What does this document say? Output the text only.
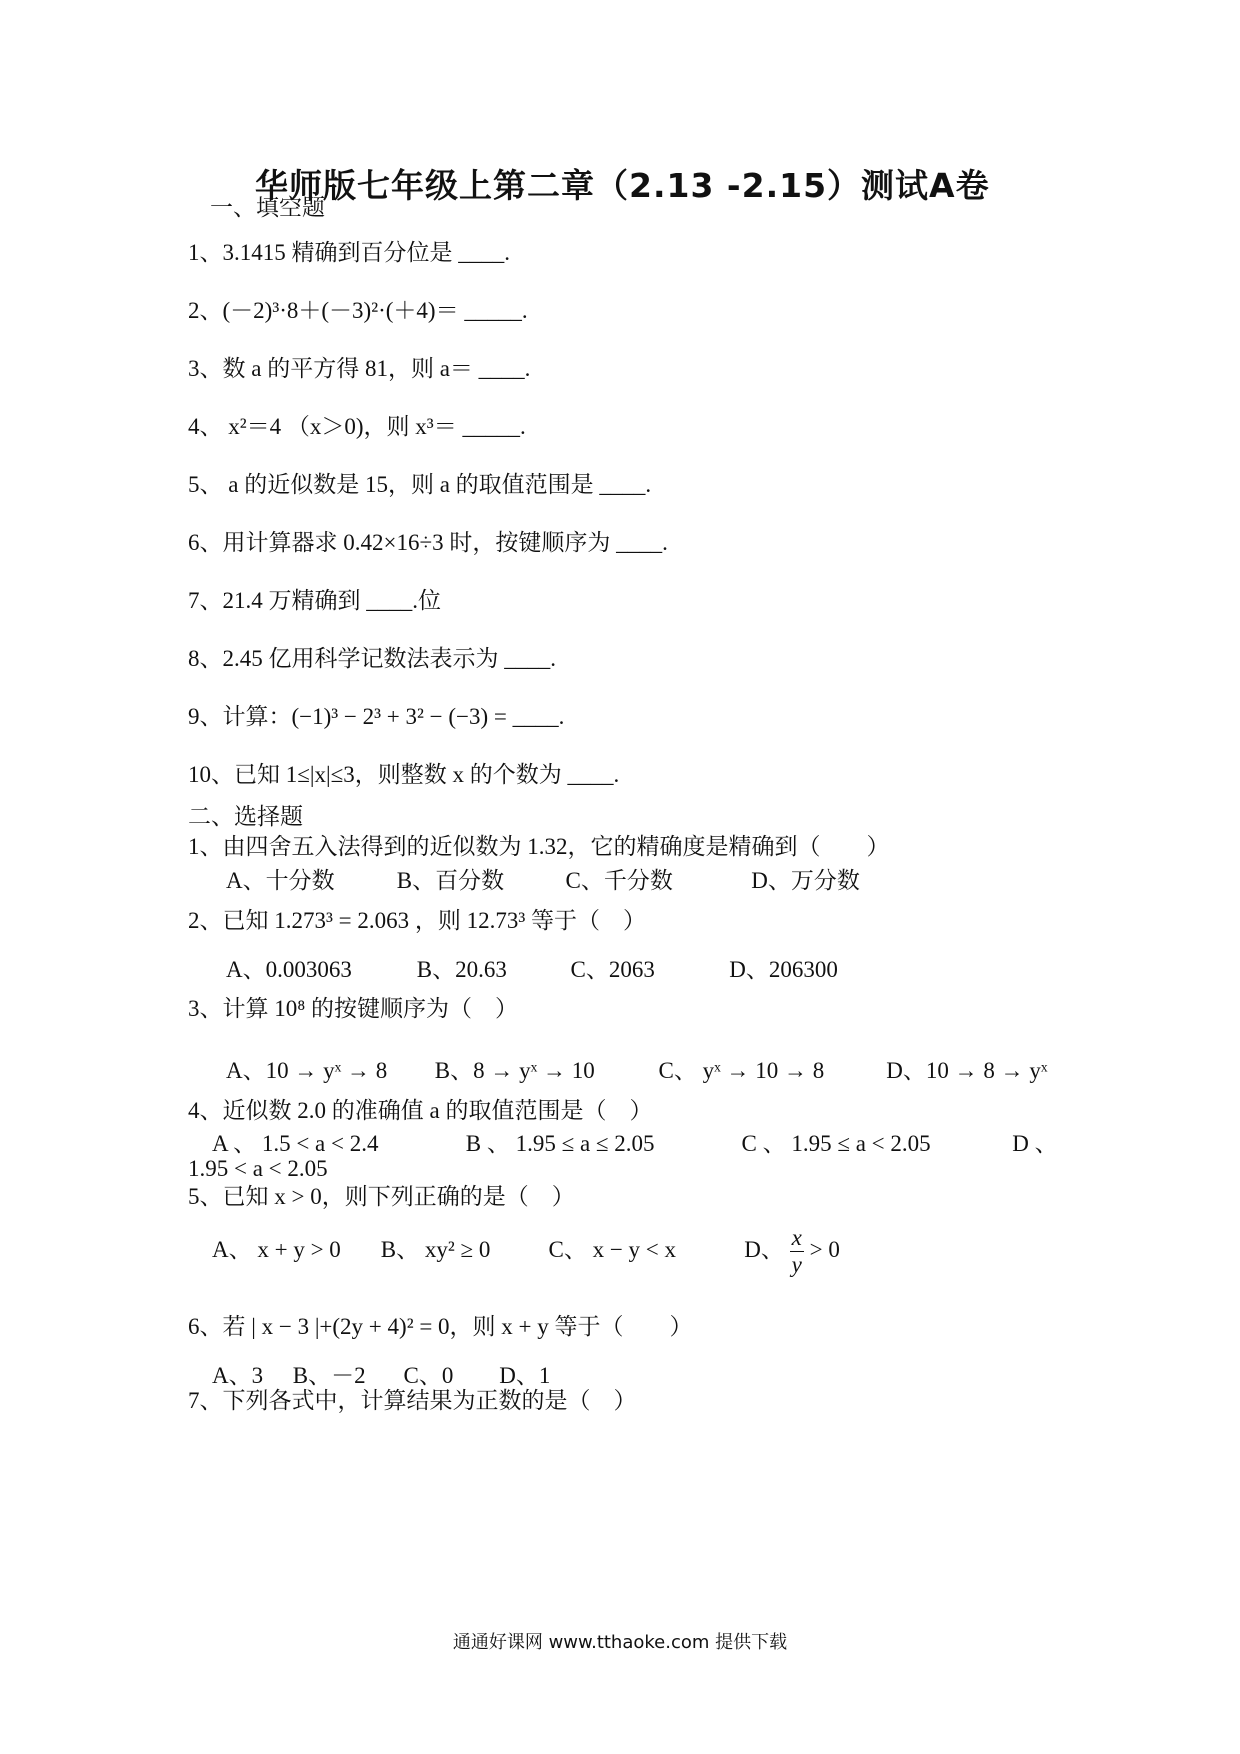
华师版七年级上第二章（2.13 -2.15）测试A卷
一、填空题
1、3.1415 精确到百分位是 ____.
2、(－2)³·8＋(－3)²·(＋4)＝ _____.
3、数 a 的平方得 81，则 a＝ ____.
4、 x²＝4 （x＞0)，则 x³＝ _____.
5、 a 的近似数是 15，则 a 的取值范围是 ____.
6、用计算器求 0.42×16÷3 时，按键顺序为 ____.
7、21.4 万精确到 ____.位
8、2.45 亿用科学记数法表示为 ____.
9、计算：(−1)³ − 2³ + 3² − (−3) = ____.
10、已知 1≤|x|≤3，则整数 x 的个数为 ____.
二、选择题
1、由四舍五入法得到的近似数为 1.32，它的精确度是精确到（　　）
A、十分数	B、百分数	C、千分数	D、万分数
2、已知 1.273³ = 2.063 ，则 12.73³ 等于（　）
A、0.003063	B、20.63	C、2063	D、206300
3、计算 10⁸ 的按键顺序为（　）
A、10 → yˣ → 8 B、8 → yˣ → 10	C、 yˣ → 10 → 8	D、10 → 8 → yˣ
4、近似数 2.0 的准确值 a 的取值范围是（　）
A 、 1.5 < a < 2.4	B 、 1.95 ≤ a ≤ 2.05	C 、 1.95 ≤ a < 2.05	D 、
1.95 < a < 2.05
5、已知 x > 0，则下列正确的是（　）
A、 x + y > 0 B、 xy² ≥ 0	C、 x − y < x	D、 $\frac{x}{y} > 0$
6、若 | x − 3 |+(2y + 4)² = 0，则 x + y 等于（　　）
A、3 B、－2 C、0 D、1
7、下列各式中，计算结果为正数的是（　）
通通好课网 www.tthaoke.com 提供下载
